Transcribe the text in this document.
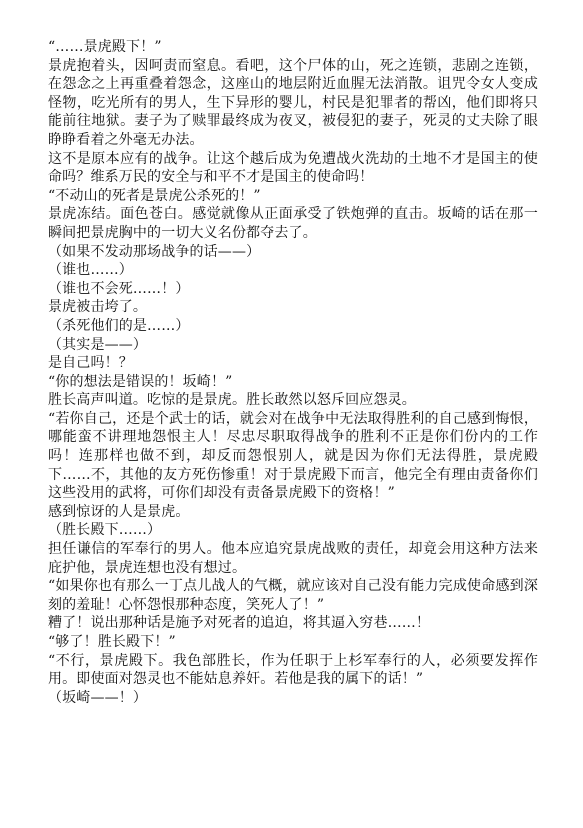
“……景虎殿下！”

景虎抱着头，因呵责而窒息。看吧，这个尸体的山，死之连锁，悲剧之连锁，在怨念之上再重叠着怨念，这座山的地层附近血腥无法消散。诅咒令女人变成怪物，吃光所有的男人，生下异形的婴儿，村民是犯罪者的帮凶，他们即将只能前往地狱。妻子为了赎罪最终成为夜叉，被侵犯的妻子，死灵的丈夫除了眼睁睁看着之外毫无办法。

这不是原本应有的战争。让这个越后成为免遭战火洗劫的土地不才是国主的使命吗？维系万民的安全与和平不才是国主的使命吗！

“不动山的死者是景虎公杀死的！”

景虎冻结。面色苍白。感觉就像从正面承受了铁炮弹的直击。坂崎的话在那一瞬间把景虎胸中的一切大义名份都夺去了。

（如果不发动那场战争的话——）

（谁也……）

（谁也不会死……！）

景虎被击垮了。

（杀死他们的是……）

（其实是——）

是自己吗！？

“你的想法是错误的！坂崎！”

胜长高声叫道。吃惊的是景虎。胜长敢然以怒斥回应怨灵。

“若你自己，还是个武士的话，就会对在战争中无法取得胜利的自己感到悔恨，哪能蛮不讲理地怨恨主人！尽忠尽职取得战争的胜利不正是你们份内的工作吗！连那样也做不到，却反而怨恨别人，就是因为你们无法得胜，景虎殿下……不，其他的友方死伤惨重！对于景虎殿下而言，他完全有理由责备你们这些没用的武将，可你们却没有责备景虎殿下的资格！”

感到惊讶的人是景虎。

（胜长殿下……）

担任谦信的军奉行的男人。他本应追究景虎战败的责任，却竟会用这种方法来庇护他，景虎连想也没有想过。

“如果你也有那么一丁点儿战人的气概，就应该对自己没有能力完成使命感到深刻的羞耻！心怀怨恨那种态度，笑死人了！”

糟了！说出那种话是施予对死者的追迫，将其逼入穷巷……！

“够了！胜长殿下！”

“不行，景虎殿下。我色部胜长，作为任职于上杉军奉行的人，必须要发挥作用。即使面对怨灵也不能姑息养奸。若他是我的属下的话！”

（坂崎——！）
